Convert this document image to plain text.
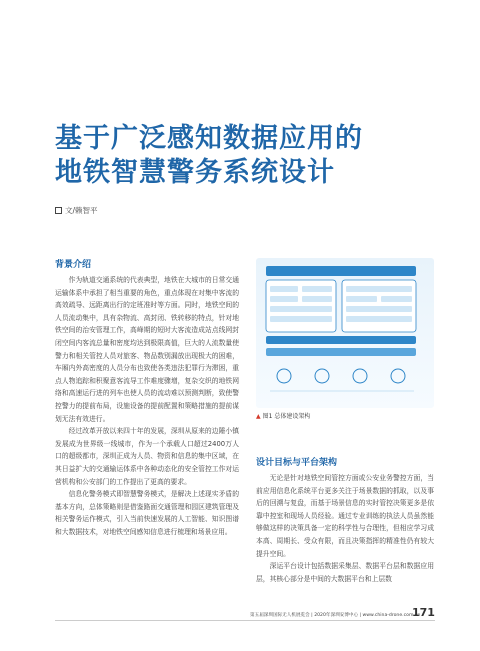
基于广泛感知数据应用的
地铁智慧警务系统设计
文/赖智平
背景介绍

作为轨道交通系统的代表典型，地铁在大城市的日常交通运输体系中承担了相当重要的角色，重点体现在对集中客流的高效疏导、远距离出行的定班准时等方面。同时，地铁空间的人员流动集中，具有杂物流、高封闭、铁转移的特点，针对地铁空间的治安管理工作，高峰期的短时大客流造成站点线网封闭空间内客流总量和密度均达到极限高值，巨大的人流数量使警力和相关管控人员对旅客、物品数别漏放出现极大的困难，车厢内外高密度的人员分布也致使各类违法犯罪行为滞困，重点人物追踪和积聚意客流导工作难度骤增，复杂交织的地铁网络和高速运行进的列车也使人员的流动难以预测判断，致使警控警力的提前布局，设施设备的提前配置和策略措施的提前谋划无法有效进行。

经过改革开放以来四十年的发展，深圳从原来的边陲小镇发展成为世界级一线城市，作为一个承载人口超过2400万人口的超级都市，深圳正成为人员、物资和信息的集中区域，在其日益扩大的交通输运体系中各种动态化的安全管控工作对运营机构和公安部门的工作提出了更高的要求。

信息化警务模式即智慧警务模式，是解决上述现实矛盾的基本方向，总体策略则是借鉴路面交通管理和园区建筑管理及相关警务运作模式，引入当前快速发展的人工智能、知识图谱和大数据技术，对地铁空间感知信息进行梳理和场景应用。

▲ 图1 总体建设架构
设计目标与平台架构

无论是针对地铁空间管控方面或公安业务警控方面，当前应用信息化系统平台更多关注于场景数据的抓取，以及事后的回溯与复盘，而基于场景信息的实时管控决策更多是依靠中控室和现场人员经验。通过专业训练的执法人员虽然能够做这样的决策具备一定的科学性与合理性，但相应学习成本高、周期长、受众有限，而且决策指挥的精准性仍有较大提升空间。

深运平台设计包括数据采集层、数据平台层和数据应用层，其核心部分是中间的大数据平台和上层数

第五届深圳国际无人机展览会 | 2020年深圳安博中心 | www.china-drone.com.cn
171
